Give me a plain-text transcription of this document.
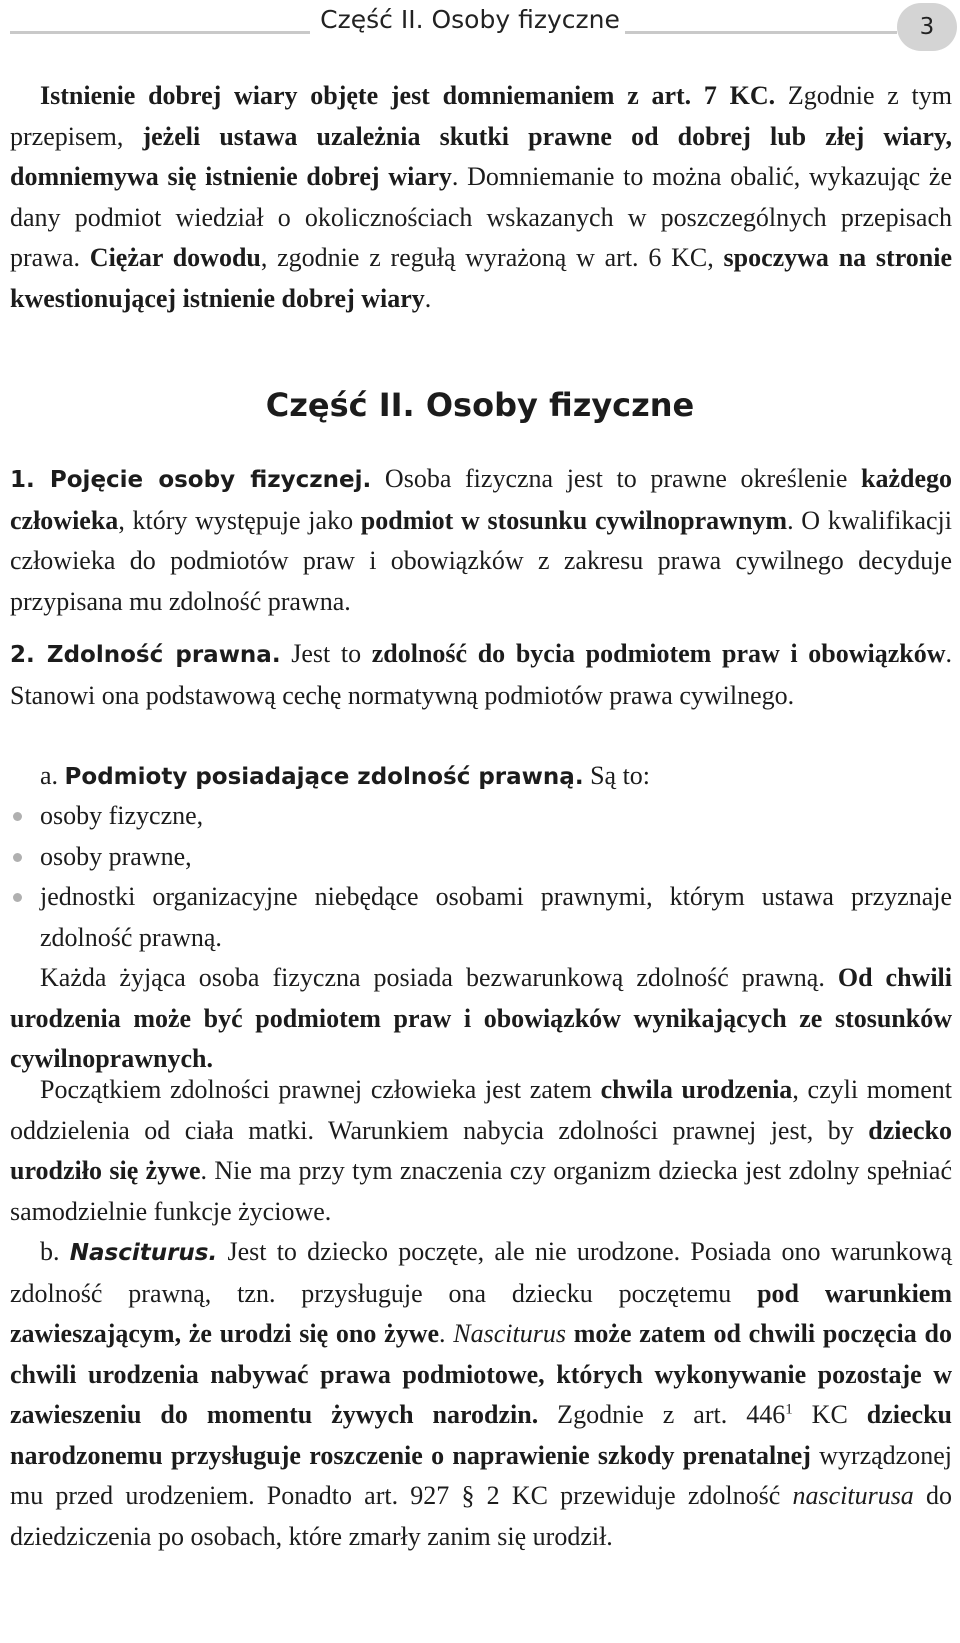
Część II. Osoby fizyczne	3

Istnienie dobrej wiary objęte jest domniemaniem z art. 7 KC. Zgodnie z tym przepisem, jeżeli ustawa uzależnia skutki prawne od dobrej lub złej wiary, domniemywa się istnienie dobrej wiary. Domniemanie to można obalić, wykazując że dany podmiot wiedział o okolicznościach wskazanych w poszczególnych przepisach prawa. Ciężar dowodu, zgodnie z regułą wyrażoną w art. 6 KC, spoczywa na stronie kwestionującej istnienie dobrej wiary.

Część II. Osoby fizyczne

1. Pojęcie osoby fizycznej. Osoba fizyczna jest to prawne określenie każdego człowieka, który występuje jako podmiot w stosunku cywilnoprawnym. O kwalifikacji człowieka do podmiotów praw i obowiązków z zakresu prawa cywilnego decyduje przypisana mu zdolność prawna.

2. Zdolność prawna. Jest to zdolność do bycia podmiotem praw i obowiązków. Stanowi ona podstawową cechę normatywną podmiotów prawa cywilnego.

a. Podmioty posiadające zdolność prawną. Są to:

osoby fizyczne,
osoby prawne,
jednostki organizacyjne niebędące osobami prawnymi, którym ustawa przyznaje zdolność prawną.

Każda żyjąca osoba fizyczna posiada bezwarunkową zdolność prawną. Od chwili urodzenia może być podmiotem praw i obowiązków wynikających ze stosunków cywilnoprawnych.

Początkiem zdolności prawnej człowieka jest zatem chwila urodzenia, czyli moment oddzielenia od ciała matki. Warunkiem nabycia zdolności prawnej jest, by dziecko urodziło się żywe. Nie ma przy tym znaczenia czy organizm dziecka jest zdolny spełniać samodzielnie funkcje życiowe.

b. Nasciturus. Jest to dziecko poczęte, ale nie urodzone. Posiada ono warunkową zdolność prawną, tzn. przysługuje ona dziecku poczętemu pod warunkiem zawieszającym, że urodzi się ono żywe. Nasciturus może zatem od chwili poczęcia do chwili urodzenia nabywać prawa podmiotowe, których wykonywanie pozostaje w zawieszeniu do momentu żywych narodzin. Zgodnie z art. $446^1$ KC dziecku narodzonemu przysługuje roszczenie o naprawienie szkody prenatalnej wyrządzonej mu przed urodzeniem. Ponadto art. 927 § 2 KC przewiduje zdolność nasciturusa do dziedziczenia po osobach, które zmarły zanim się urodził.
